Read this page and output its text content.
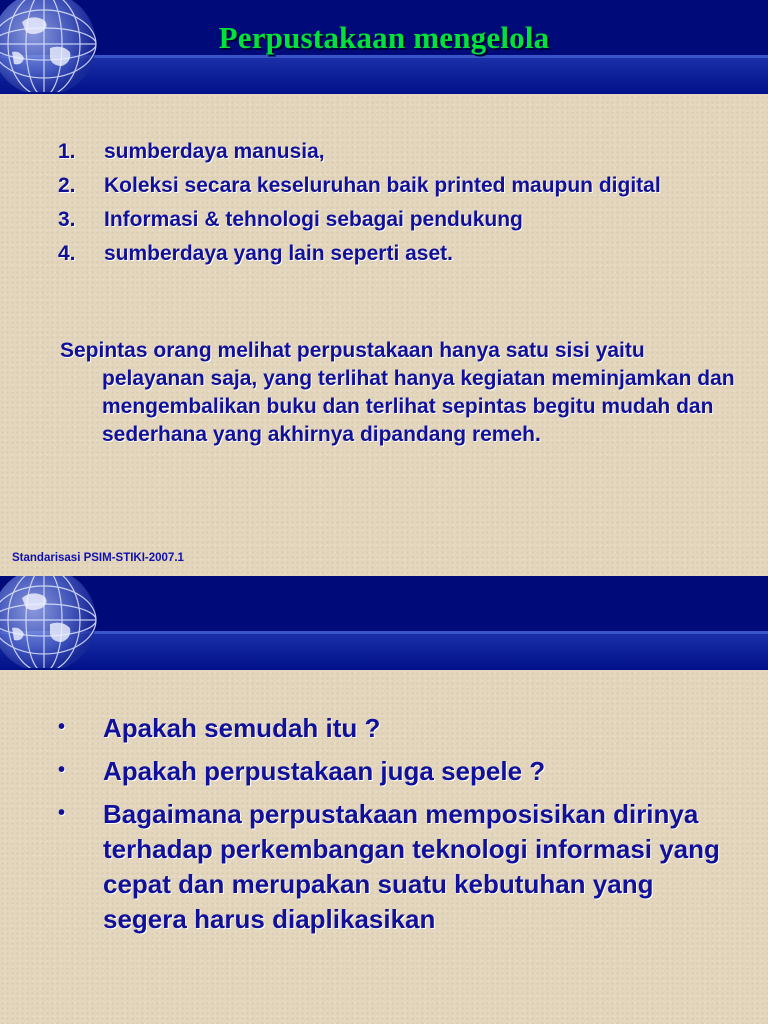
Perpustakaan mengelola
1. sumberdaya manusia,
2. Koleksi secara keseluruhan baik printed maupun digital
3. Informasi & tehnologi sebagai pendukung
4. sumberdaya yang lain seperti aset.
Sepintas orang melihat perpustakaan hanya satu sisi yaitu pelayanan saja, yang terlihat hanya kegiatan meminjamkan dan mengembalikan buku dan terlihat sepintas begitu mudah dan sederhana yang akhirnya dipandang remeh.
Standarisasi PSIM-STIKI-2007.1
• Apakah semudah itu ?
• Apakah perpustakaan juga sepele ?
• Bagaimana perpustakaan memposisikan dirinya terhadap perkembangan teknologi informasi yang cepat dan merupakan suatu kebutuhan yang segera harus diaplikasikan
